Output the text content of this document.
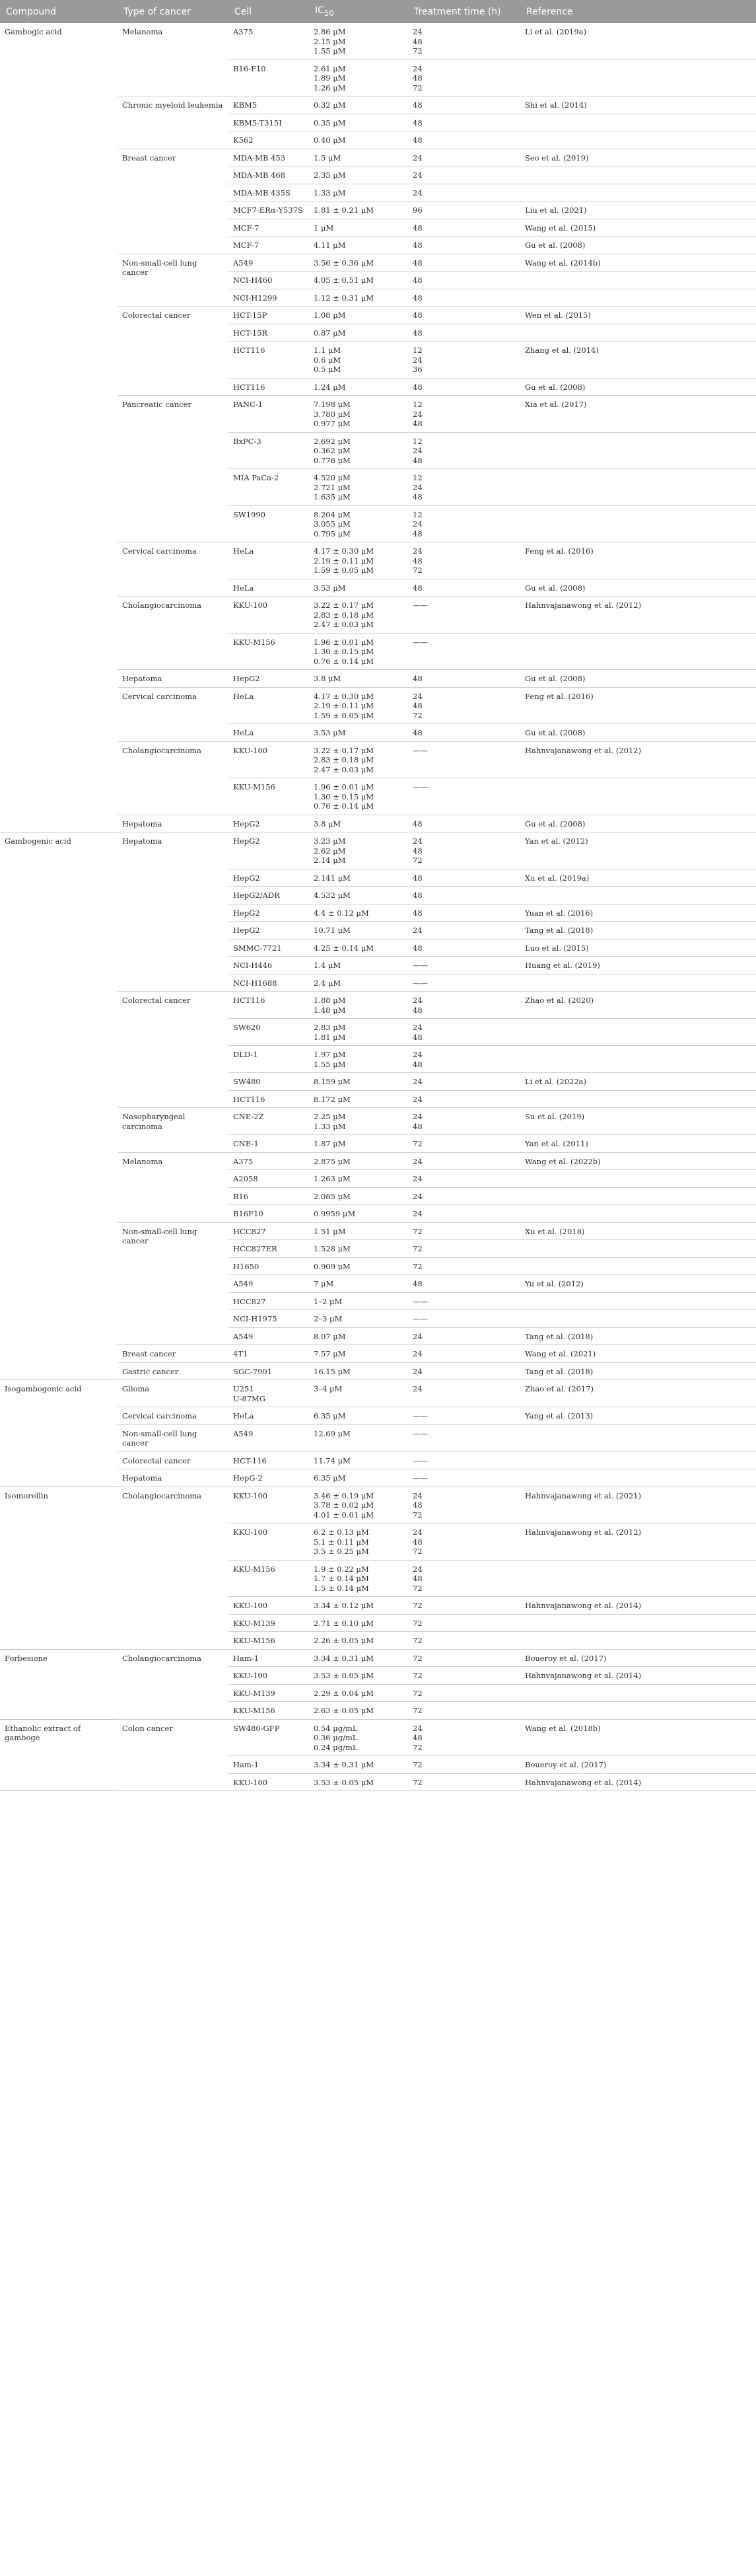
Compound	Type of cancer	Cell	$IC_{50}$	Treatment time (h)	Reference
Gambogic acid	Melanoma	A375	2.86 μM
2.15 μM
1.55 μM	24
48
72	Li et al. (2019a)
		B16-F10	2.61 μM
1.89 μM
1.26 μM	24
48
72	
	Chronic myeloid leukemia	KBM5	0.32 μM	48	Shi et al. (2014)
		KBM5-T315I	0.35 μM	48	
		K562	0.40 μM	48	
	Breast cancer	MDA-MB 453	1.5 μM	24	Seo et al. (2019)
		MDA-MB 468	2.35 μM	24	
		MDA-MB 435S	1.33 μM	24	
		MCF7-ERα-Y537S	1.81 ± 0.21 μM	96	Liu et al. (2021)
		MCF-7	1 μM	48	Wang et al. (2015)
		MCF-7	4.11 μM	48	Gu et al. (2008)
	Non-small-cell lung cancer	A549	3.56 ± 0.36 μM	48	Wang et al. (2014b)
		NCI-H460	4.05 ± 0.51 μM	48	
		NCI-H1299	1.12 ± 0.31 μM	48	
	Colorectal cancer	HCT-15P	1.08 μM	48	Wen et al. (2015)
		HCT-15R	0.87 μM	48	
		HCT116	1.1 μM
0.6 μM
0.5 μM	12
24
36	Zhang et al. (2014)
		HCT116	1.24 μM	48	Gu et al. (2008)
	Pancreatic cancer	PANC-1	7.198 μM
3.780 μM
0.977 μM	12
24
48	Xia et al. (2017)
		BxPC-3	2.692 μM
0.362 μM
0.778 μM	12
24
48	
		MIA PaCa-2	4.520 μM
2.721 μM
1.635 μM	12
24
48	
		SW1990	8.204 μM
3.055 μM
0.795 μM	12
24
48	
	Cervical carcinoma	HeLa	4.17 ± 0.30 μM
2.19 ± 0.11 μM
1.59 ± 0.05 μM	24
48
72	Feng et al. (2016)
		HeLa	3.53 μM	48	Gu et al. (2008)
	Cholangiocarcinoma	KKU-100	3.22 ± 0.17 μM
2.83 ± 0.18 μM
2.47 ± 0.03 μM	——	Hahnvajanawong et al. (2012)
		KKU-M156	1.96 ± 0.01 μM
1.30 ± 0.15 μM
0.76 ± 0.14 μM	——	
	Hepatoma	HepG2	3.8 μM	48	Gu et al. (2008)
	Cervical carcinoma	HeLa	4.17 ± 0.30 μM
2.19 ± 0.11 μM
1.59 ± 0.05 μM	24
48
72	Feng et al. (2016)
		HeLa	3.53 μM	48	Gu et al. (2008)
	Cholangiocarcinoma	KKU-100	3.22 ± 0.17 μM
2.83 ± 0.18 μM
2.47 ± 0.03 μM	——	Hahnvajanawong et al. (2012)
		KKU-M156	1.96 ± 0.01 μM
1.30 ± 0.15 μM
0.76 ± 0.14 μM	——	
	Hepatoma	HepG2	3.8 μM	48	Gu et al. (2008)
Gambogenic acid	Hepatoma	HepG2	3.23 μM
2.62 μM
2.14 μM	24
48
72	Yan et al. (2012)
		HepG2	2.141 μM	48	Xu et al. (2019a)
		HepG2/ADR	4.532 μM	48	
		HepG2	4.4 ± 0.12 μM	48	Yuan et al. (2016)
		HepG2	10.71 μM	24	Tang et al. (2018)
		SMMC-7721	4.25 ± 0.14 μM	48	Luo et al. (2015)
		NCI-H446	1.4 μM	——	Huang et al. (2019)
		NCI-H1688	2.4 μM	——	
	Colorectal cancer	HCT116	1.88 μM
1.48 μM	24
48	Zhao et al. (2020)
		SW620	2.83 μM
1.81 μM	24
48	
		DLD-1	1.97 μM
1.55 μM	24
48	
		SW480	8.159 μM	24	Li et al. (2022a)
		HCT116	8.172 μM	24	
	Nasopharyngeal carcinoma	CNE-2Z	2.25 μM
1.33 μM	24
48	Su et al. (2019)
		CNE-1	1.87 μM	72	Yan et al. (2011)
	Melanoma	A375	2.875 μM	24	Wang et al. (2022b)
		A2058	1.263 μM	24	
		B16	2.085 μM	24	
		B16F10	0.9959 μM	24	
	Non-small-cell lung cancer	HCC827	1.51 μM	72	Xu et al. (2018)
		HCC827ER	1.528 μM	72	
		H1650	0.909 μM	72	
		A549	7 μM	48	Yu et al. (2012)
		HCC827	1–2 μM	——	
		NCI-H1975	2–3 μM	——	
		A549	8.07 μM	24	Tang et al. (2018)
	Breast cancer	4T1	7.57 μM	24	Wang et al. (2021)
	Gastric cancer	SGC-7901	16.15 μM	24	Tang et al. (2018)
Isogambogenic acid	Glioma	U251
U-87MG	3–4 μM	24	Zhao et al. (2017)
	Cervical carcinoma	HeLa	6.35 μM	——	Yang et al. (2013)
	Non-small-cell lung cancer	A549	12.69 μM	——	
	Colorectal cancer	HCT-116	11.74 μM	——	
	Hepatoma	HepG-2	6.35 μM	——	
Isomorellin	Cholangiocarcinoma	KKU-100	3.46 ± 0.19 μM
3.78 ± 0.02 μM
4.01 ± 0.01 μM	24
48
72	Hahnvajanawong et al. (2021)
		KKU-100	6.2 ± 0.13 μM
5.1 ± 0.11 μM
3.5 ± 0.25 μM	24
48
72	Hahnvajanawong et al. (2012)
		KKU-M156	1.9 ± 0.22 μM
1.7 ± 0.14 μM
1.5 ± 0.14 μM	24
48
72	
		KKU-100	3.34 ± 0.12 μM	72	Hahnvajanawong et al. (2014)
		KKU-M139	2.71 ± 0.10 μM	72	
		KKU-M156	2.26 ± 0.05 μM	72	
Forbesione	Cholangiocarcinoma	Ham-1	3.34 ± 0.31 μM	72	Boueroy et al. (2017)
		KKU-100	3.53 ± 0.05 μM	72	Hahnvajanawong et al. (2014)
		KKU-M139	2.29 ± 0.04 μM	72	
		KKU-M156	2.63 ± 0.05 μM	72	
Ethanolic extract of gamboge	Colon cancer	SW480-GFP	0.54 μg/mL
0.36 μg/mL
0.24 μg/mL	24
48
72	Wang et al. (2018b)
		Ham-1	3.34 ± 0.31 μM	72	Boueroy et al. (2017)
		KKU-100	3.53 ± 0.05 μM	72	Hahnvajanawong et al. (2014)
